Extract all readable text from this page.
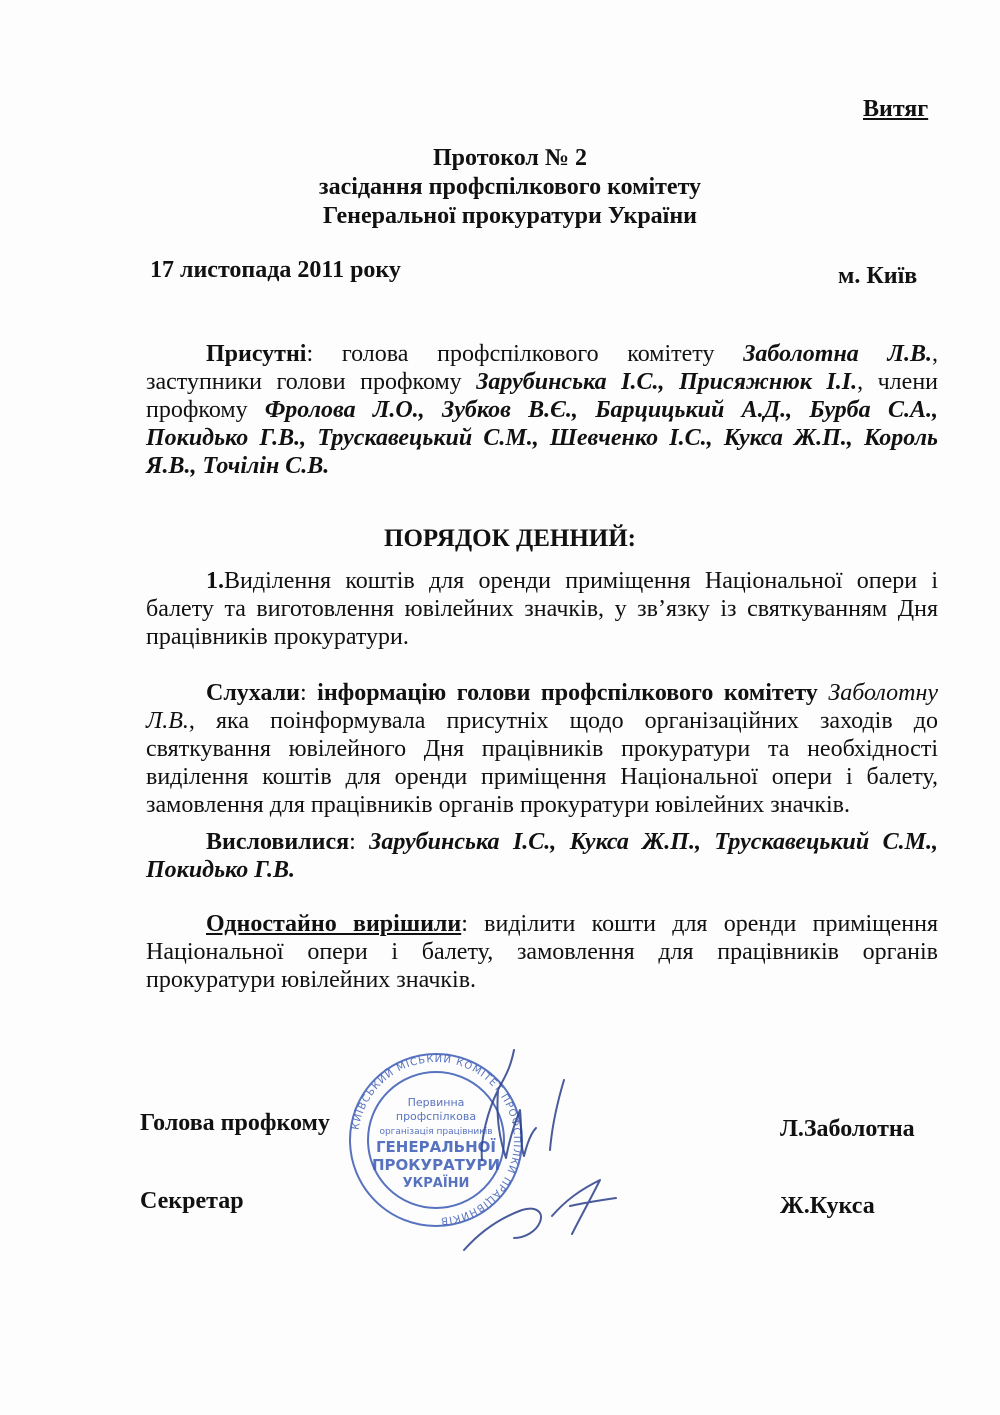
Витяг
Протокол № 2
засідання профспілкового комітету
Генеральної прокуратури України
17 листопада 2011 року	м. Київ
Присутні: голова профспілкового комітету Заболотна Л.В., заступники голови профкому Зарубинська І.С., Присяжнюк І.І., члени профкому Фролова Л.О., Зубков В.Є., Барцицький А.Д., Бурба С.А., Покидько Г.В., Трускавецький С.М., Шевченко І.С., Кукса Ж.П., Король Я.В., Точілін С.В.
ПОРЯДОК ДЕННИЙ:
1.Виділення коштів для оренди приміщення Національної опери і балету та виготовлення ювілейних значків, у зв’язку із святкуванням Дня працівників прокуратури.
Слухали: інформацію голови профспілкового комітету Заболотну Л.В., яка поінформувала присутніх щодо організаційних заходів до святкування ювілейного Дня працівників прокуратури та необхідності виділення коштів для оренди приміщення Національної опери і балету, замовлення для працівників органів прокуратури ювілейних значків.
Висловилися: Зарубинська І.С., Кукса Ж.П., Трускавецький С.М., Покидько Г.В.
Одностайно вирішили: виділити кошти для оренди приміщення Національної опери і балету, замовлення для працівників органів прокуратури ювілейних значків.
КИЇВСЬКИЙ МІСЬКИЙ КОМІТЕТ ПРОФСПІЛКИ ПРАЦІВНИКІВ
Первинна
профспілкова
організація працівників
ГЕНЕРАЛЬНОЇ
ПРОКУРАТУРИ
УКРАЇНИ
Голова профкому	Л.Заболотна
Секретар	Ж.Кукса
